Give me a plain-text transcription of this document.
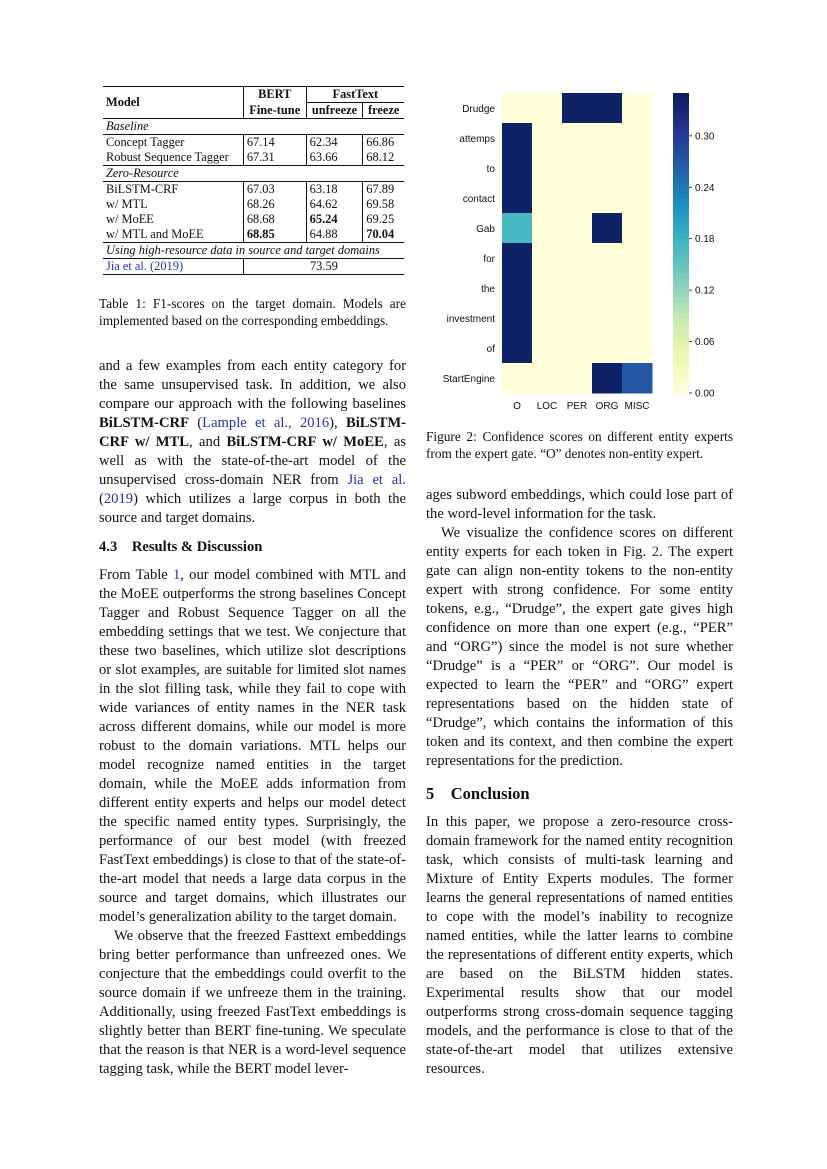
Model	BERT	FastText	
	Fine-tune	unfreeze	freeze
Baseline			
Concept Tagger	67.14	62.34	66.86
Robust Sequence Tagger	67.31	63.66	68.12
Zero-Resource			
BiLSTM-CRF	67.03	63.18	67.89
w/ MTL	68.26	64.62	69.58
w/ MoEE	68.68	65.24	69.25
w/ MTL and MoEE	68.85	64.88	70.04
Using high-resource data in source and target domains			
Jia et al. (2019)	73.59		
Table 1: F1-scores on the target domain. Models are implemented based on the corresponding embeddings.
and a few examples from each entity category for the same unsupervised task. In addition, we also compare our approach with the following baselines BiLSTM-CRF (Lample et al., 2016), BiLSTM-CRF w/ MTL, and BiLSTM-CRF w/ MoEE, as well as with the state-of-the-art model of the unsupervised cross-domain NER from Jia et al. (2019) which utilizes a large corpus in both the source and target domains.
4.3 Results & Discussion
From Table 1, our model combined with MTL and the MoEE outperforms the strong baselines Concept Tagger and Robust Sequence Tagger on all the embedding settings that we test. We conjecture that these two baselines, which utilize slot descriptions or slot examples, are suitable for limited slot names in the slot filling task, while they fail to cope with wide variances of entity names in the NER task across different domains, while our model is more robust to the domain variations. MTL helps our model recognize named entities in the target domain, while the MoEE adds information from different entity experts and helps our model detect the specific named entity types. Surprisingly, the performance of our best model (with freezed FastText embeddings) is close to that of the state-of-the-art model that needs a large data corpus in the source and target domains, which illustrates our model’s generalization ability to the target domain.
We observe that the freezed Fasttext embeddings bring better performance than unfreezed ones. We conjecture that the embeddings could overfit to the source domain if we unfreeze them in the training. Additionally, using freezed FastText embeddings is slightly better than BERT fine-tuning. We speculate that the reason is that NER is a word-level sequence tagging task, while the BERT model lever-
Drudge
attemps
to
contact
Gab
for
the
investment
of
StartEngine
O LOC PER ORG MISC
0.30
0.24
0.18
0.12
0.06
0.00
Figure 2: Confidence scores on different entity experts from the expert gate. “O” denotes non-entity expert.
ages subword embeddings, which could lose part of the word-level information for the task.
We visualize the confidence scores on different entity experts for each token in Fig. 2. The expert gate can align non-entity tokens to the non-entity expert with strong confidence. For some entity tokens, e.g., “Drudge”, the expert gate gives high confidence on more than one expert (e.g., “PER” and “ORG”) since the model is not sure whether “Drudge” is a “PER” or “ORG”. Our model is expected to learn the “PER” and “ORG” expert representations based on the hidden state of “Drudge”, which contains the information of this token and its context, and then combine the expert representations for the prediction.
5 Conclusion
In this paper, we propose a zero-resource cross-domain framework for the named entity recognition task, which consists of multi-task learning and Mixture of Entity Experts modules. The former learns the general representations of named entities to cope with the model’s inability to recognize named entities, while the latter learns to combine the representations of different entity experts, which are based on the BiLSTM hidden states. Experimental results show that our model outperforms strong cross-domain sequence tagging models, and the performance is close to that of the state-of-the-art model that utilizes extensive resources.
